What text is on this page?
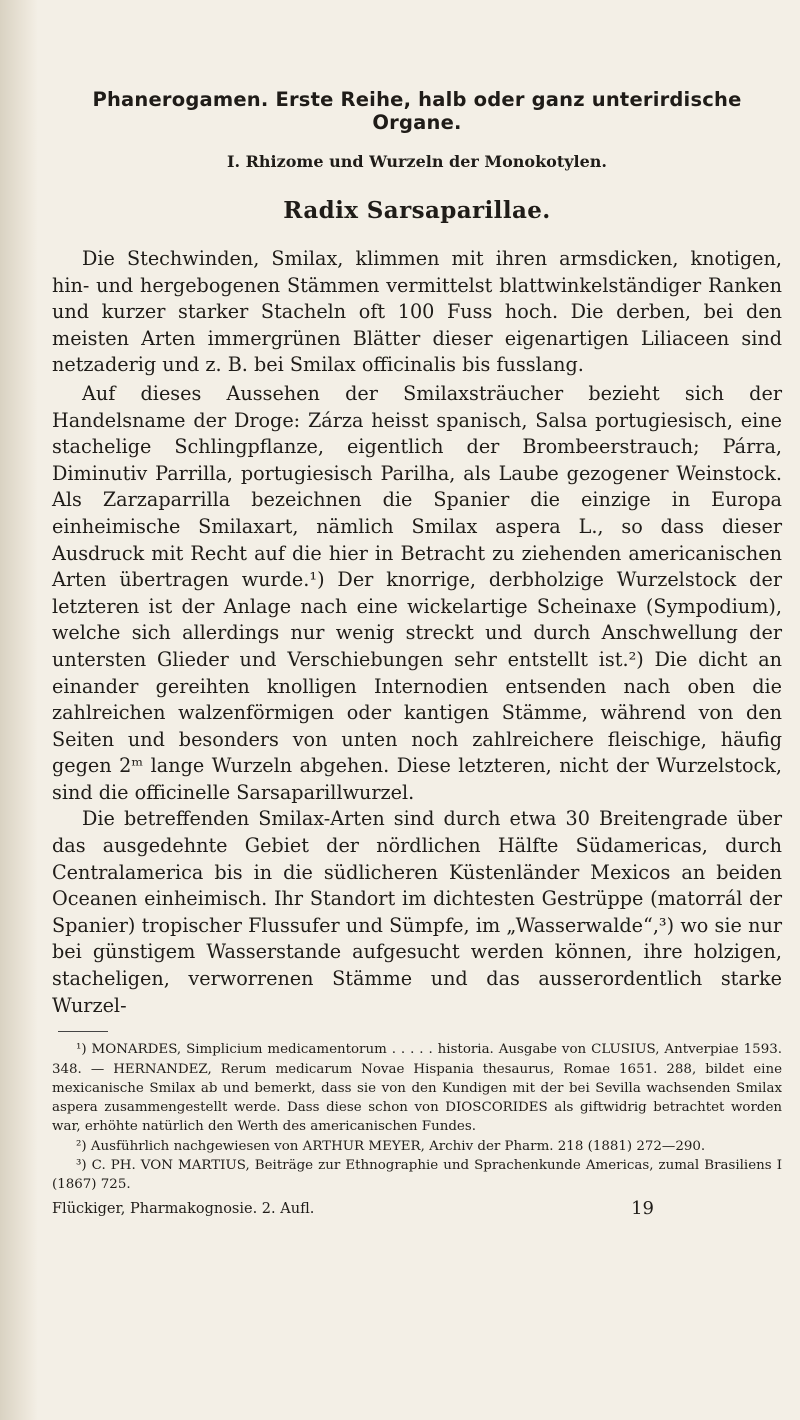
Phanerogamen. Erste Reihe, halb oder ganz unterirdische Organe.
I. Rhizome und Wurzeln der Monokotylen.
Radix Sarsaparillae.

Die Stechwinden, Smilax, klimmen mit ihren armsdicken, knotigen, hin- und hergebogenen Stämmen vermittelst blattwinkelständiger Ranken und kurzer starker Stacheln oft 100 Fuss hoch. Die derben, bei den meisten Arten immergrünen Blätter dieser eigenartigen Liliaceen sind netzaderig und z. B. bei Smilax officinalis bis fusslang.

Auf dieses Aussehen der Smilaxsträucher bezieht sich der Handelsname der Droge: Zárza heisst spanisch, Salsa portugiesisch, eine stachelige Schlingpflanze, eigentlich der Brombeerstrauch; Párra, Diminutiv Parrilla, portugiesisch Parilha, als Laube gezogener Weinstock. Als Zarzaparrilla bezeichnen die Spanier die einzige in Europa einheimische Smilaxart, nämlich Smilax aspera L., so dass dieser Ausdruck mit Recht auf die hier in Betracht zu ziehenden americanischen Arten übertragen wurde.¹) Der knorrige, derbholzige Wurzelstock der letzteren ist der Anlage nach eine wickelartige Scheinaxe (Sympodium), welche sich allerdings nur wenig streckt und durch Anschwellung der untersten Glieder und Verschiebungen sehr entstellt ist.²) Die dicht an einander gereihten knolligen Internodien entsenden nach oben die zahlreichen walzenförmigen oder kantigen Stämme, während von den Seiten und besonders von unten noch zahlreichere fleischige, häufig gegen 2ᵐ lange Wurzeln abgehen. Diese letzteren, nicht der Wurzelstock, sind die officinelle Sarsaparillwurzel.

Die betreffenden Smilax-Arten sind durch etwa 30 Breitengrade über das ausgedehnte Gebiet der nördlichen Hälfte Südamericas, durch Centralamerica bis in die südlicheren Küstenländer Mexicos an beiden Oceanen einheimisch. Ihr Standort im dichtesten Gestrüppe (matorrál der Spanier) tropischer Flussufer und Sümpfe, im „Wasserwalde“,³) wo sie nur bei günstigem Wasserstande aufgesucht werden können, ihre holzigen, stacheligen, verworrenen Stämme und das ausserordentlich starke Wurzel-

¹) MONARDES, Simplicium medicamentorum . . . . . historia. Ausgabe von CLUSIUS, Antverpiae 1593. 348. — HERNANDEZ, Rerum medicarum Novae Hispania thesaurus, Romae 1651. 288, bildet eine mexicanische Smilax ab und bemerkt, dass sie von den Kundigen mit der bei Sevilla wachsenden Smilax aspera zusammengestellt werde. Dass diese schon von DIOSCORIDES als giftwidrig betrachtet worden war, erhöhte natürlich den Werth des americanischen Fundes.

²) Ausführlich nachgewiesen von ARTHUR MEYER, Archiv der Pharm. 218 (1881) 272—290.

³) C. PH. VON MARTIUS, Beiträge zur Ethnographie und Sprachenkunde Americas, zumal Brasiliens I (1867) 725.

Flückiger, Pharmakognosie. 2. Aufl.	19
